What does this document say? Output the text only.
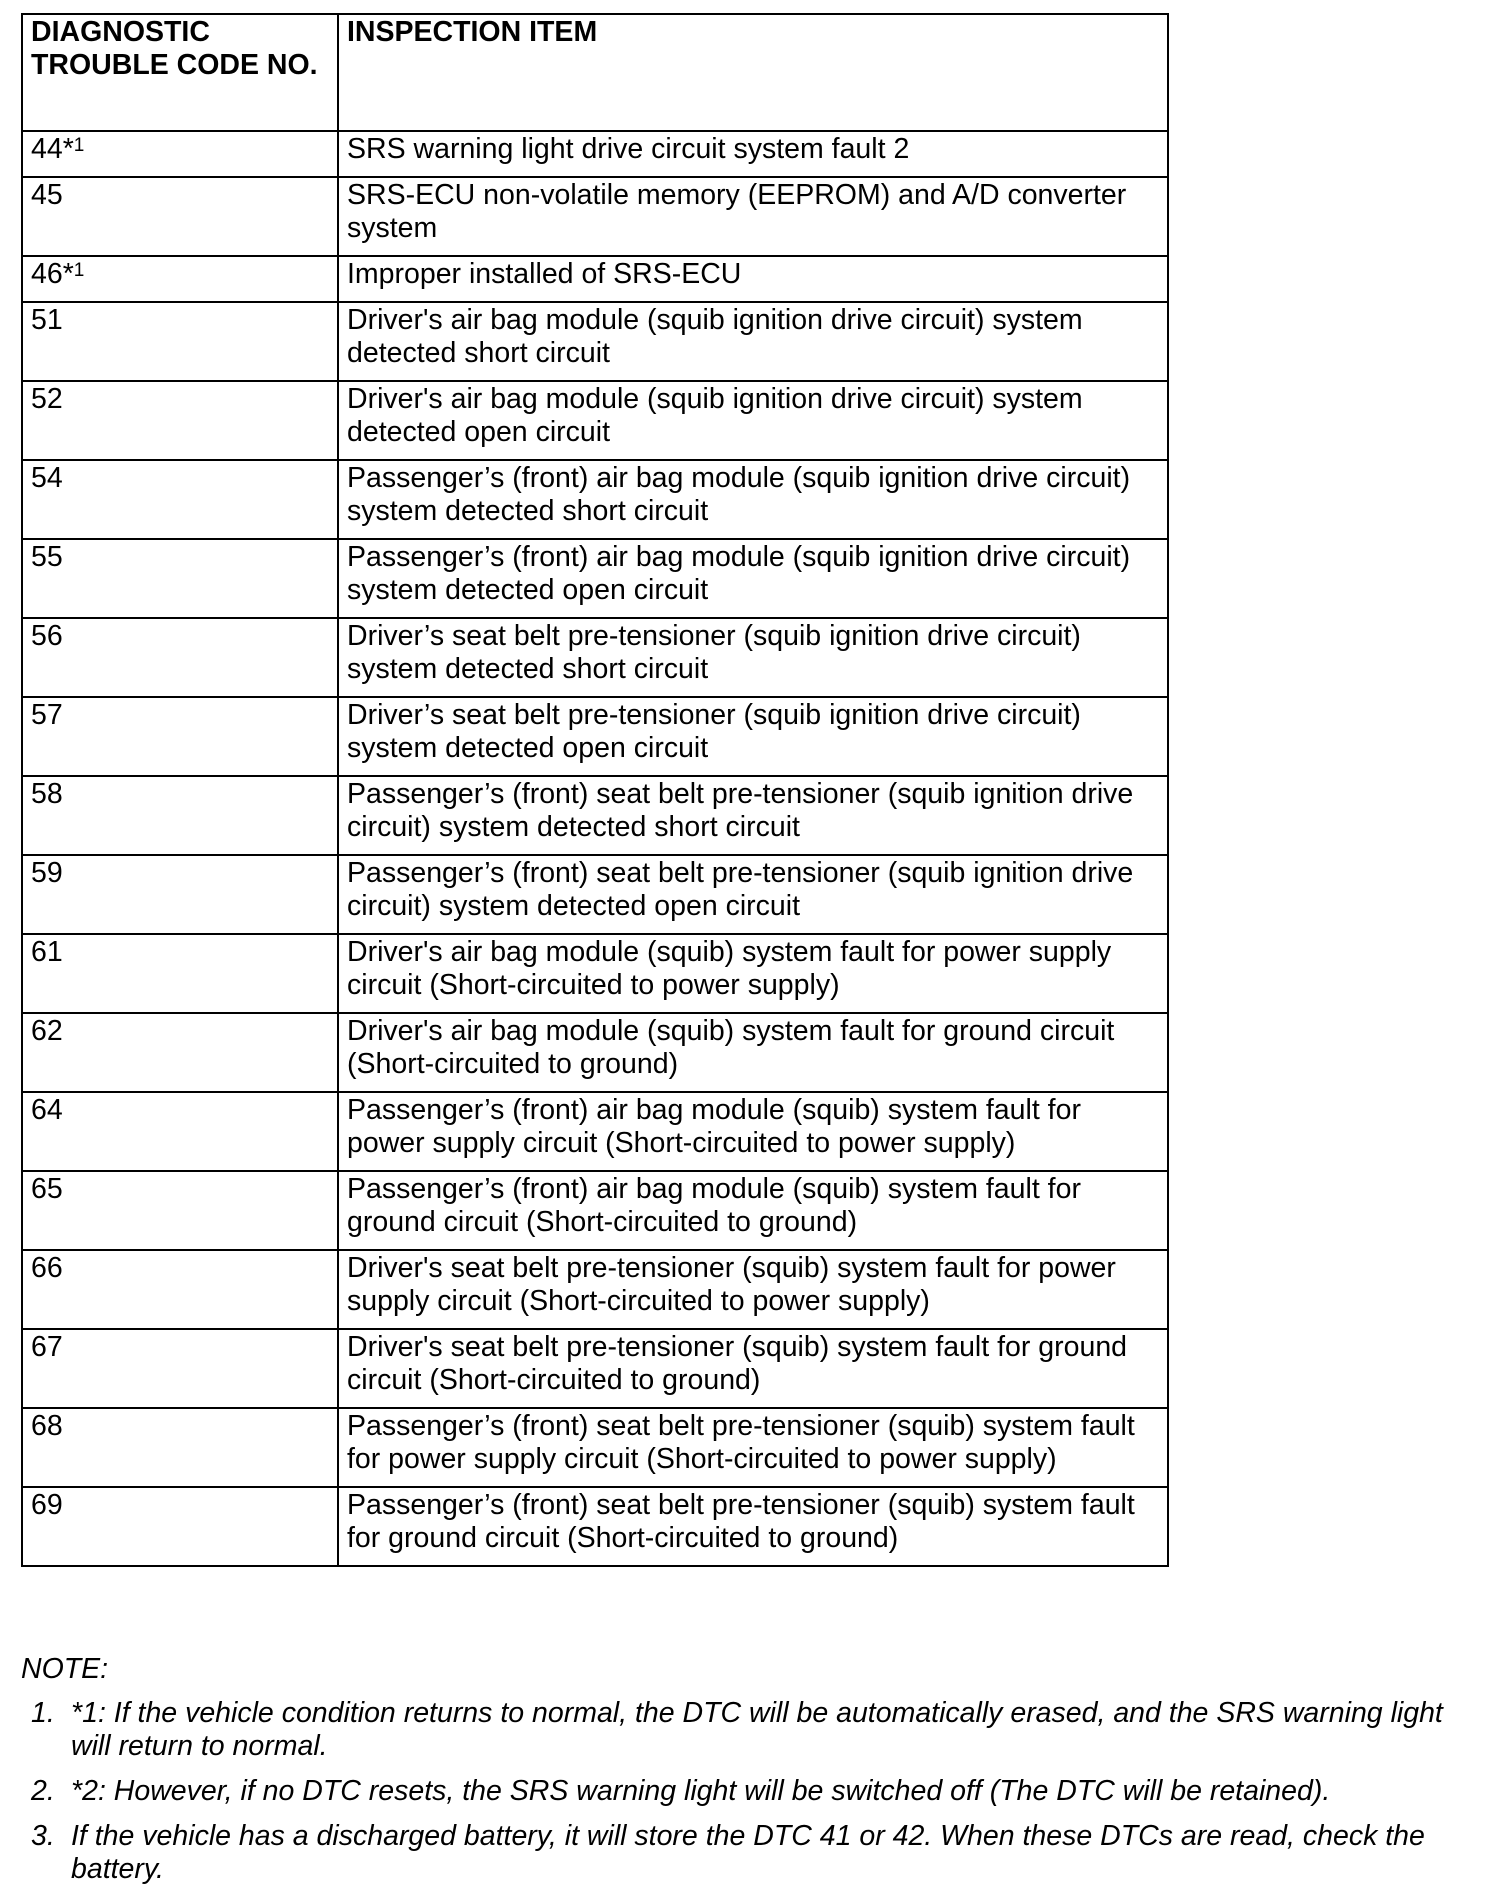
DIAGNOSTIC TROUBLE CODE NO.	INSPECTION ITEM
44*$^1$	SRS warning light drive circuit system fault 2
45	SRS-ECU non-volatile memory (EEPROM) and A/D converter system
46*$^1$	Improper installed of SRS-ECU
51	Driver's air bag module (squib ignition drive circuit) system detected short circuit
52	Driver's air bag module (squib ignition drive circuit) system detected open circuit
54	Passenger’s (front) air bag module (squib ignition drive circuit) system detected short circuit
55	Passenger’s (front) air bag module (squib ignition drive circuit) system detected open circuit
56	Driver’s seat belt pre-tensioner (squib ignition drive circuit) system detected short circuit
57	Driver’s seat belt pre-tensioner (squib ignition drive circuit) system detected open circuit
58	Passenger’s (front) seat belt pre-tensioner (squib ignition drive circuit) system detected short circuit
59	Passenger’s (front) seat belt pre-tensioner (squib ignition drive circuit) system detected open circuit
61	Driver's air bag module (squib) system fault for power supply circuit (Short-circuited to power supply)
62	Driver's air bag module (squib) system fault for ground circuit (Short-circuited to ground)
64	Passenger’s (front) air bag module (squib) system fault for power supply circuit (Short-circuited to power supply)
65	Passenger’s (front) air bag module (squib) system fault for ground circuit (Short-circuited to ground)
66	Driver's seat belt pre-tensioner (squib) system fault for power supply circuit (Short-circuited to power supply)
67	Driver's seat belt pre-tensioner (squib) system fault for ground circuit (Short-circuited to ground)
68	Passenger’s (front) seat belt pre-tensioner (squib) system fault for power supply circuit (Short-circuited to power supply)
69	Passenger’s (front) seat belt pre-tensioner (squib) system fault for ground circuit (Short-circuited to ground)
NOTE:
1. *1: If the vehicle condition returns to normal, the DTC will be automatically erased, and the SRS warning light will return to normal.
2. *2: However, if no DTC resets, the SRS warning light will be switched off (The DTC will be retained).
3. If the vehicle has a discharged battery, it will store the DTC 41 or 42. When these DTCs are read, check the battery.
